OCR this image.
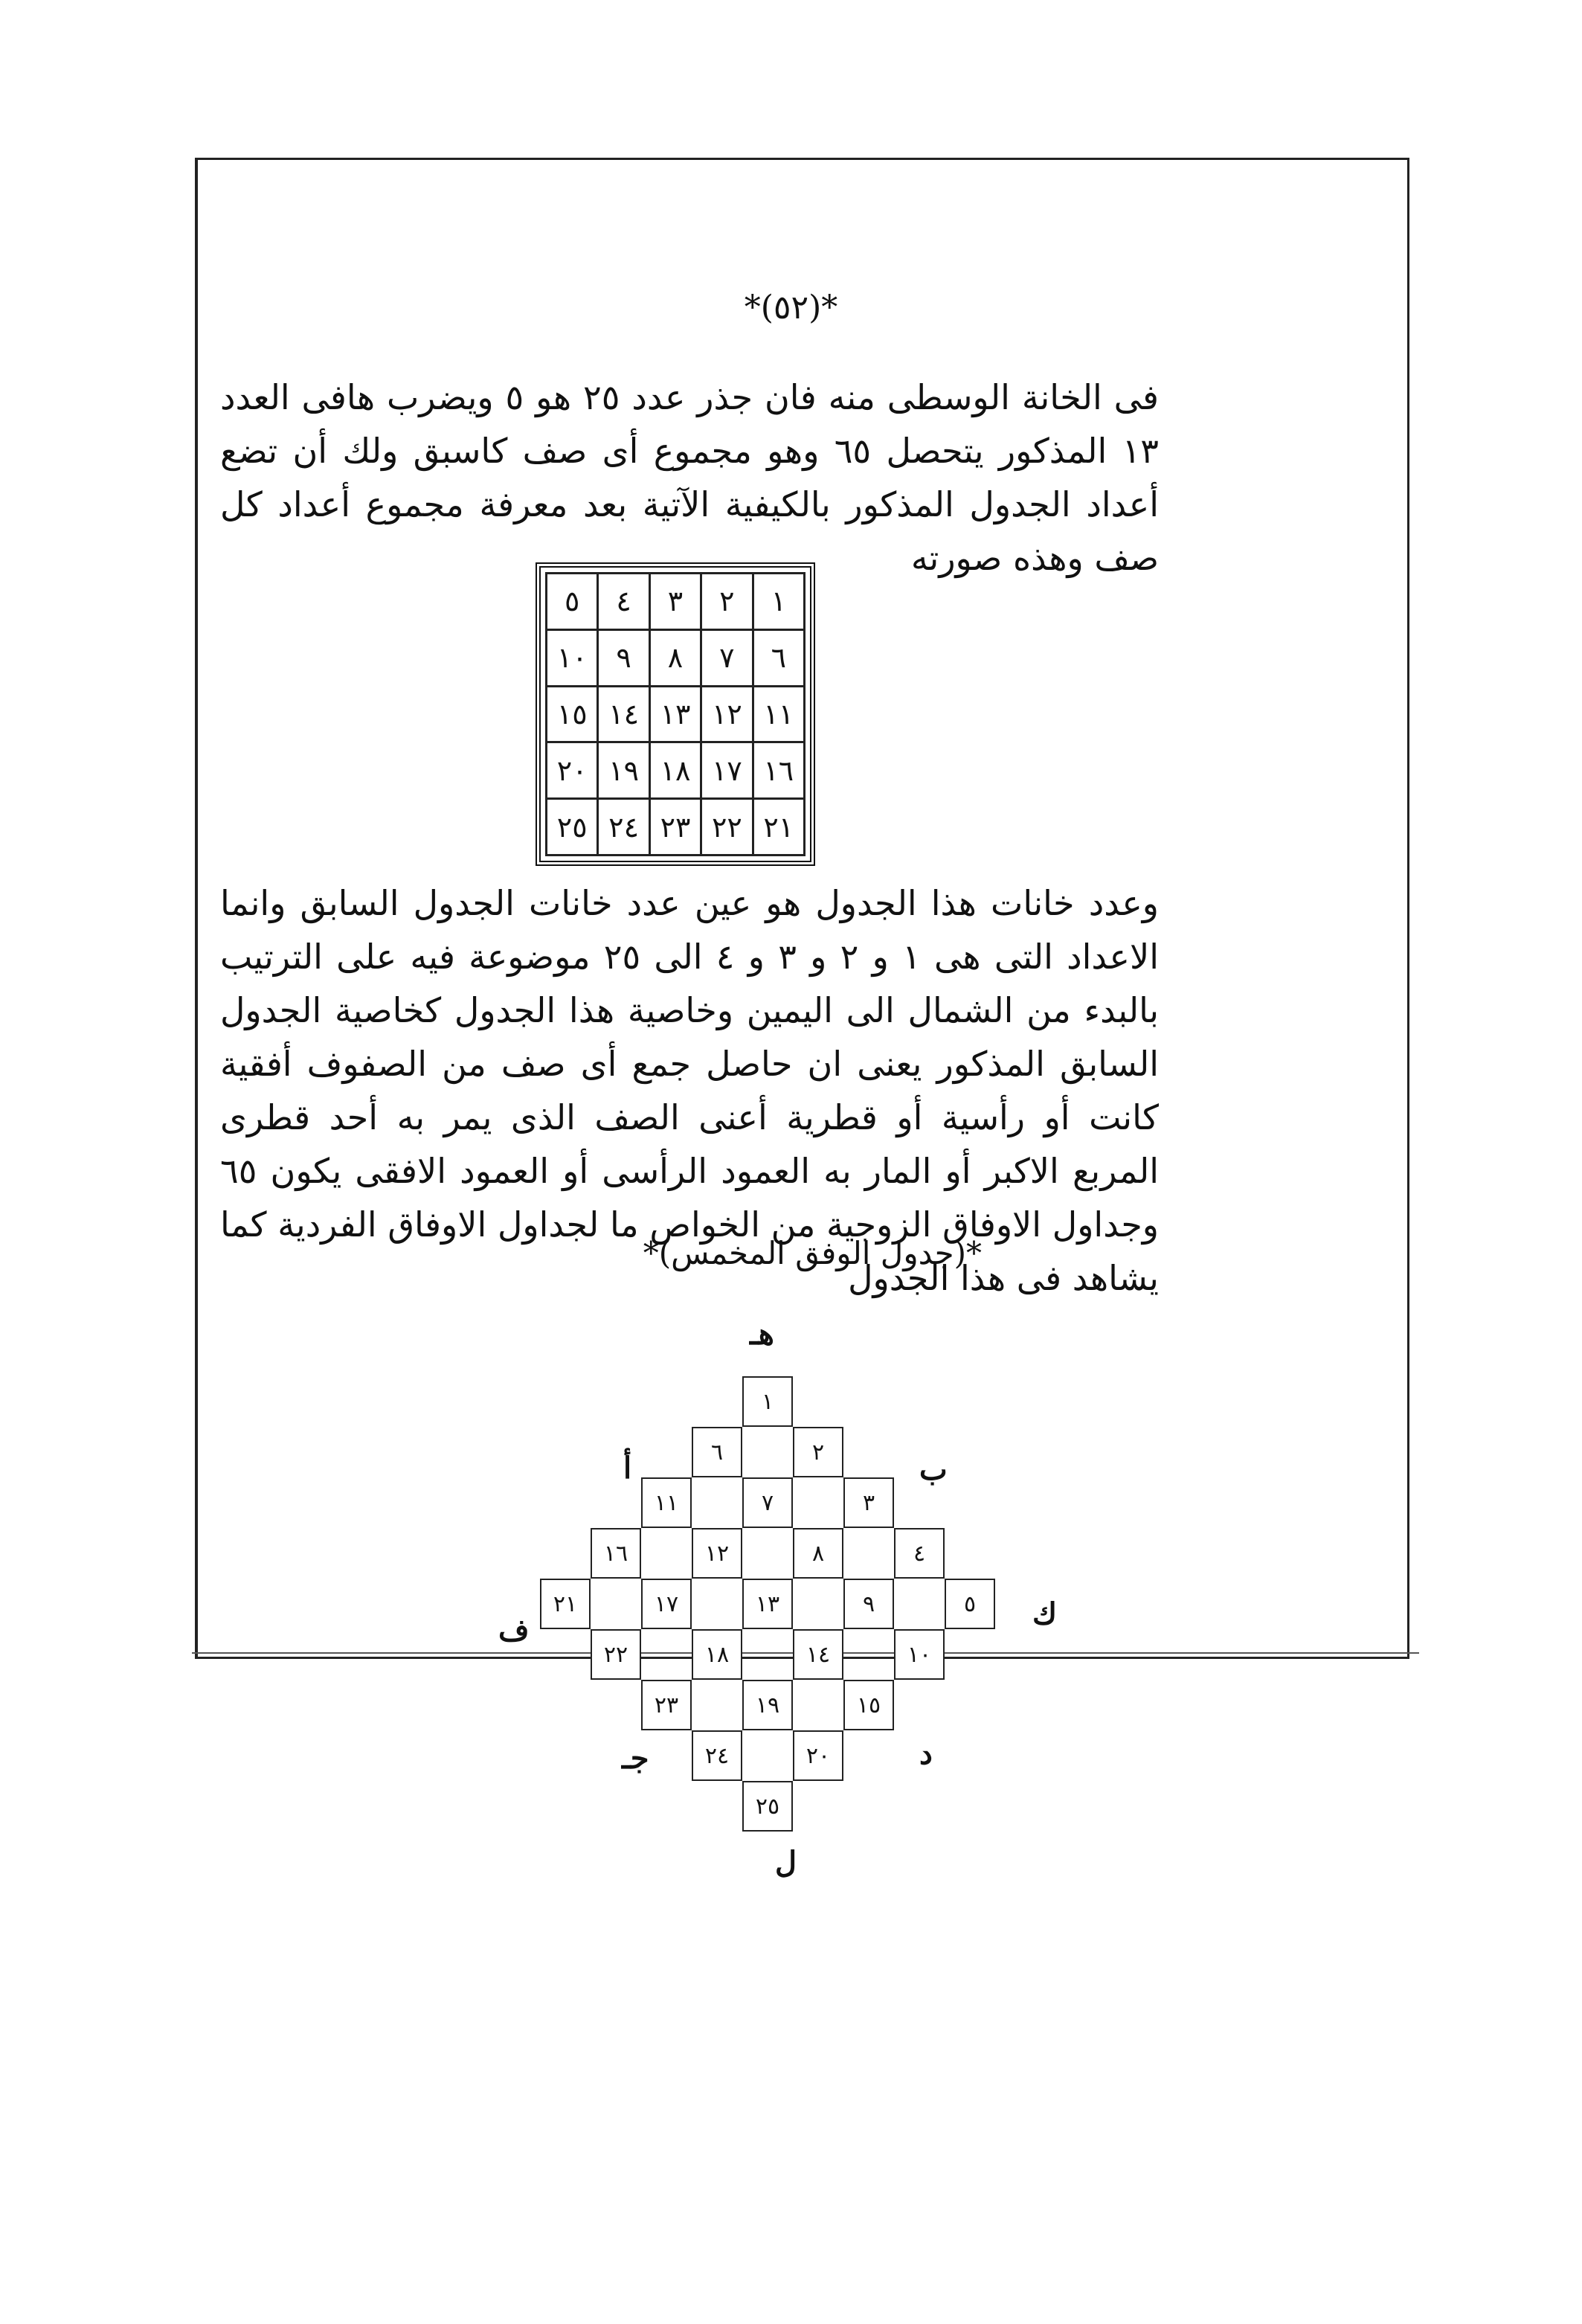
*(٥٢)*

فى الخانة الوسطى منه فان جذر عدد ٢٥ هو ٥ ويضرب هافى العدد ١٣ المذكور يتحصل ٦٥ وهو مجموع أى صف كاسبق ولك أن تضع أعداد الجدول المذكور بالكيفية الآتية بعد معرفة مجموع أعداد كل صف وهذه صورته

٥	٤	٣	٢	١
١٠	٩	٨	٧	٦
١٥	١٤	١٣	١٢	١١
٢٠	١٩	١٨	١٧	١٦
٢٥	٢٤	٢٣	٢٢	٢١

وعدد خانات هذا الجدول هو عين عدد خانات الجدول السابق وانما الاعداد التى هى ١ و ٢ و ٣ و ٤ الى ٢٥ موضوعة فيه على الترتيب بالبدء من الشمال الى اليمين وخاصية هذا الجدول كخاصية الجدول السابق المذكور يعنى ان حاصل جمع أى صف من الصفوف أفقية كانت أو رأسية أو قطرية أعنى الصف الذى يمر به أحد قطرى المربع الاكبر أو المار به العمود الرأسى أو العمود الافقى يكون ٦٥ وجداول الاوفاق الزوجية من الخواص ما لجداول الاوفاق الفردية كما يشاهد فى هذا الجدول

*(جدول الوفق المخمس)*
هـ
ل
ف	ك
أ	ب
جـ	د
١
٢
٣
٤
٥
٦
٧
٨
٩
١٠
١١
١٢
١٣
١٤
١٥
١٦
١٧
١٨
١٩
٢٠
٢١
٢٢
٢٣
٢٤
٢٥
